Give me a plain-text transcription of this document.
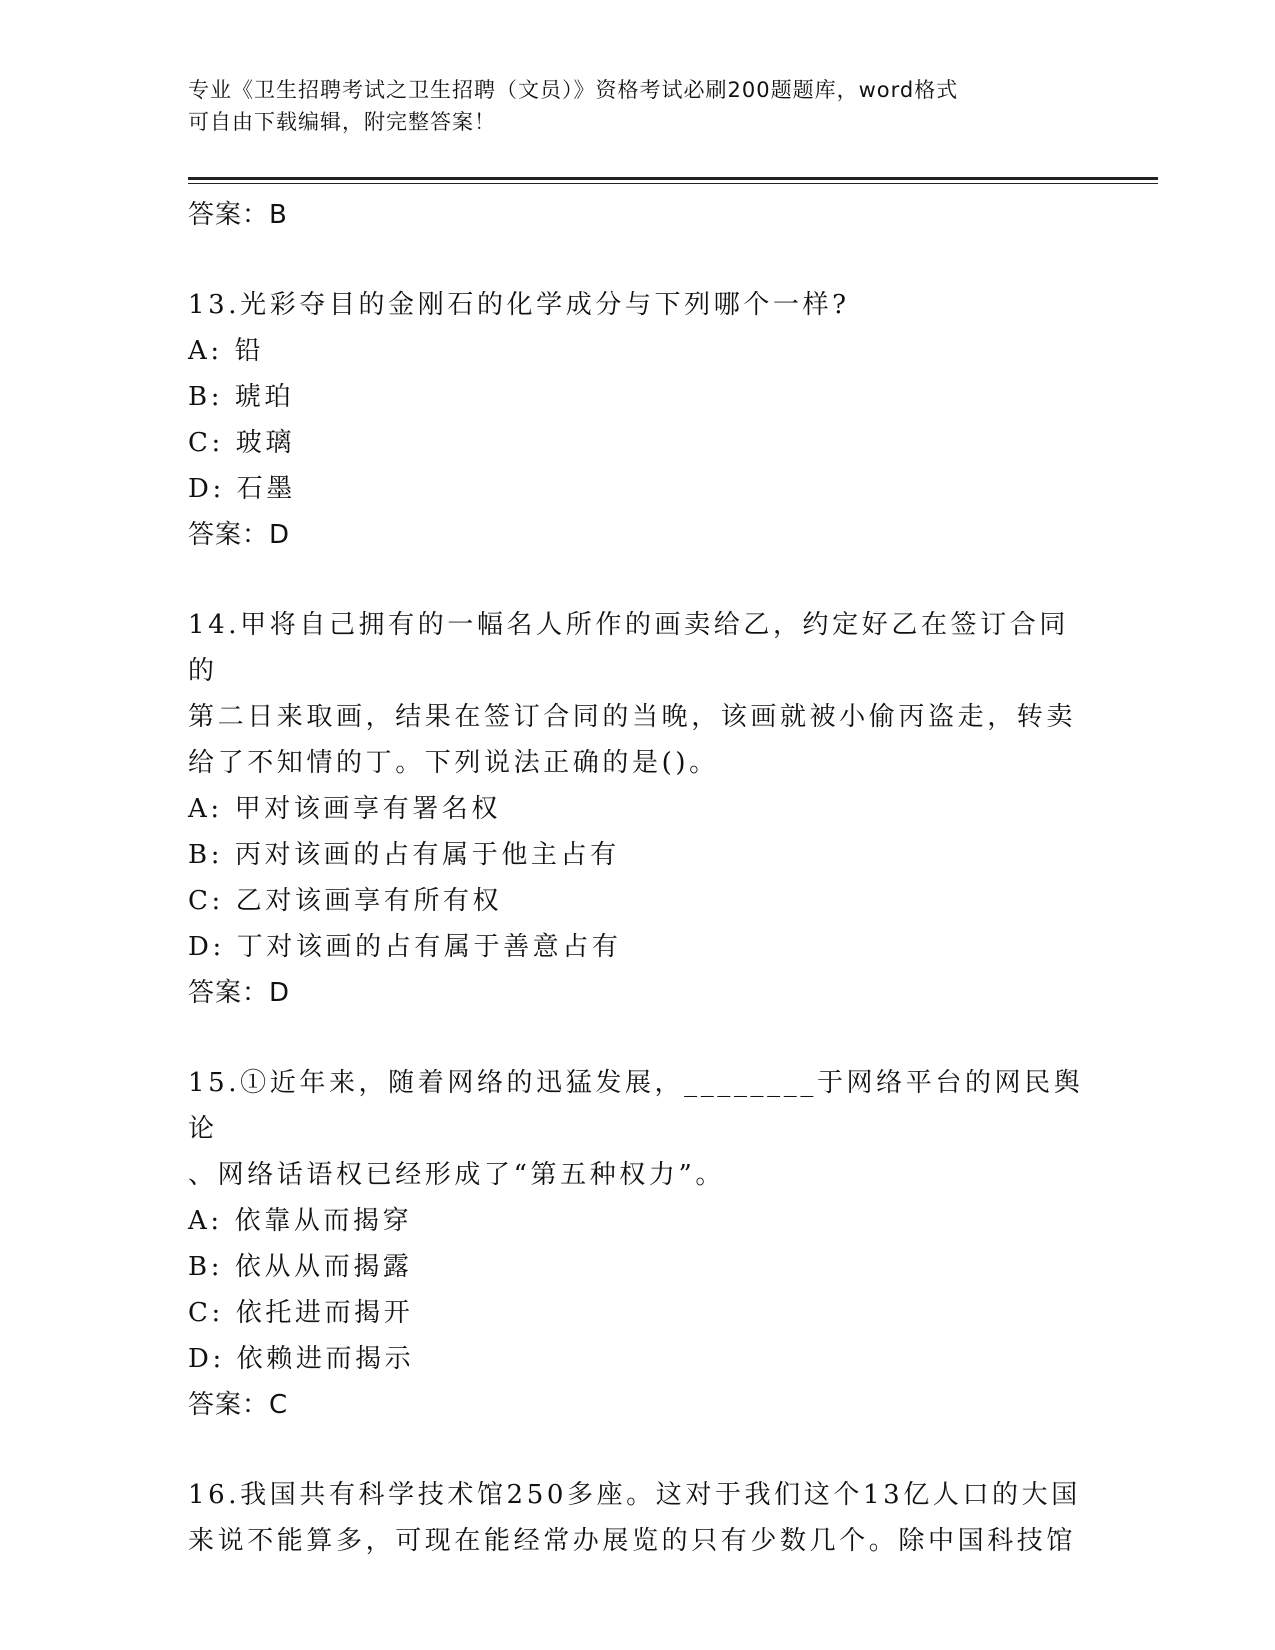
专业《卫生招聘考试之卫生招聘（文员）》资格考试必刷200题题库，word格式
可自由下载编辑，附完整答案！

答案：B

13.光彩夺目的金刚石的化学成分与下列哪个一样?

A: 铅

B: 琥珀

C: 玻璃

D: 石墨

答案：D

14.甲将自己拥有的一幅名人所作的画卖给乙，约定好乙在签订合同的

第二日来取画，结果在签订合同的当晚，该画就被小偷丙盗走，转卖

给了不知情的丁。下列说法正确的是()。

A: 甲对该画享有署名权

B: 丙对该画的占有属于他主占有

C: 乙对该画享有所有权

D: 丁对该画的占有属于善意占有

答案：D

15.①近年来，随着网络的迅猛发展，________于网络平台的网民舆论

、网络话语权已经形成了“第五种权力”。

A: 依靠从而揭穿

B: 依从从而揭露

C: 依托进而揭开

D: 依赖进而揭示

答案：C

16.我国共有科学技术馆250多座。这对于我们这个13亿人口的大国

来说不能算多，可现在能经常办展览的只有少数几个。除中国科技馆
